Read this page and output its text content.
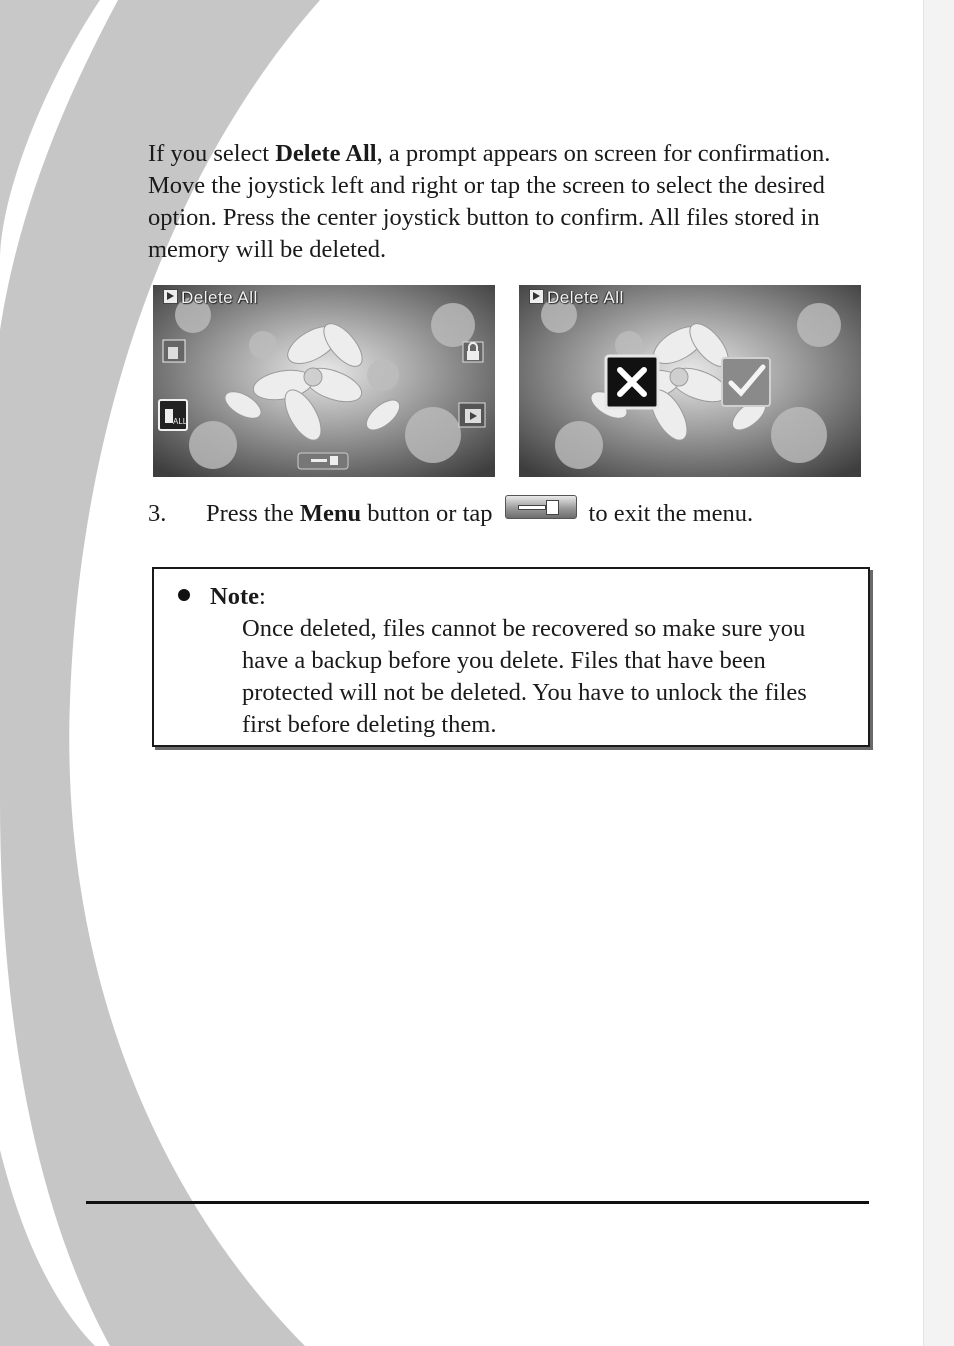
If you select Delete All, a prompt appears on screen for confirmation. Move the joystick left and right or tap the screen to select the desired option. Press the center joystick button to confirm. All files stored in memory will be deleted.
ALL
Delete All	Delete All
3. Press the Menu button or tap	to exit the menu.
Note:
Once deleted, files cannot be recovered so make sure you have a backup before you delete. Files that have been protected will not be deleted. You have to unlock the files first before deleting them.
